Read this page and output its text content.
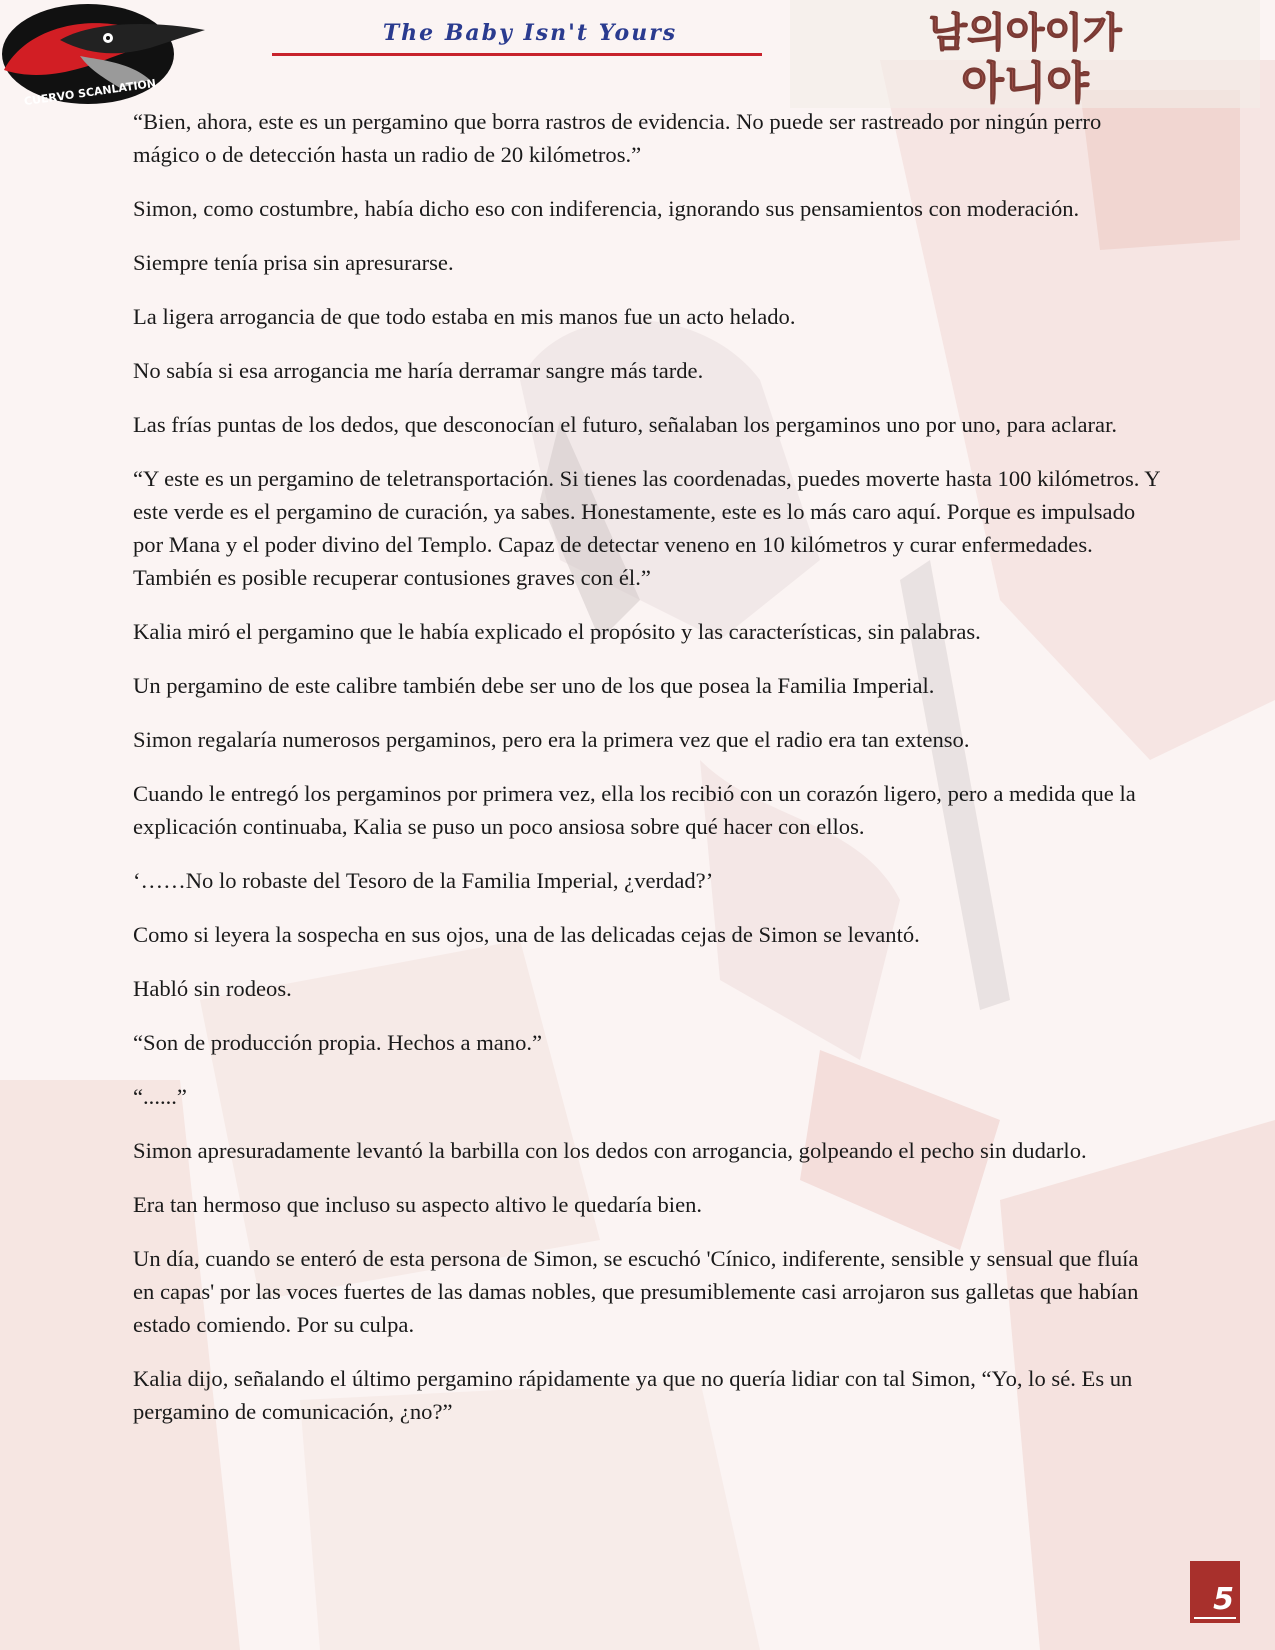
CUERVO SCANLATION
The Baby Isn't Yours	남의아이가
아니야

“Bien, ahora, este es un pergamino que borra rastros de evidencia. No puede ser rastreado por ningún perro mágico o de detección hasta un radio de 20 kilómetros.”

Simon, como costumbre, había dicho eso con indiferencia, ignorando sus pensamientos con moderación.

Siempre tenía prisa sin apresurarse.

La ligera arrogancia de que todo estaba en mis manos fue un acto helado.

No sabía si esa arrogancia me haría derramar sangre más tarde.

Las frías puntas de los dedos, que desconocían el futuro, señalaban los pergaminos uno por uno, para aclarar.

“Y este es un pergamino de teletransportación. Si tienes las coordenadas, puedes moverte hasta 100 kilómetros. Y este verde es el pergamino de curación, ya sabes. Honestamente, este es lo más caro aquí. Porque es impulsado por Mana y el poder divino del Templo. Capaz de detectar veneno en 10 kilómetros y curar enfermedades. También es posible recuperar contusiones graves con él.”

Kalia miró el pergamino que le había explicado el propósito y las características, sin palabras.

Un pergamino de este calibre también debe ser uno de los que posea la Familia Imperial.

Simon regalaría numerosos pergaminos, pero era la primera vez que el radio era tan extenso.

Cuando le entregó los pergaminos por primera vez, ella los recibió con un corazón ligero, pero a medida que la explicación continuaba, Kalia se puso un poco ansiosa sobre qué hacer con ellos.

‘……No lo robaste del Tesoro de la Familia Imperial, ¿verdad?’

Como si leyera la sospecha en sus ojos, una de las delicadas cejas de Simon se levantó.

Habló sin rodeos.

“Son de producción propia. Hechos a mano.”

“......”

Simon apresuradamente levantó la barbilla con los dedos con arrogancia, golpeando el pecho sin dudarlo.

Era tan hermoso que incluso su aspecto altivo le quedaría bien.

Un día, cuando se enteró de esta persona de Simon, se escuchó 'Cínico, indiferente, sensible y sensual que fluía en capas' por las voces fuertes de las damas nobles, que presumiblemente casi arrojaron sus galletas que habían estado comiendo. Por su culpa.

Kalia dijo, señalando el último pergamino rápidamente ya que no quería lidiar con tal Simon, “Yo, lo sé. Es un pergamino de comunicación, ¿no?”

5
